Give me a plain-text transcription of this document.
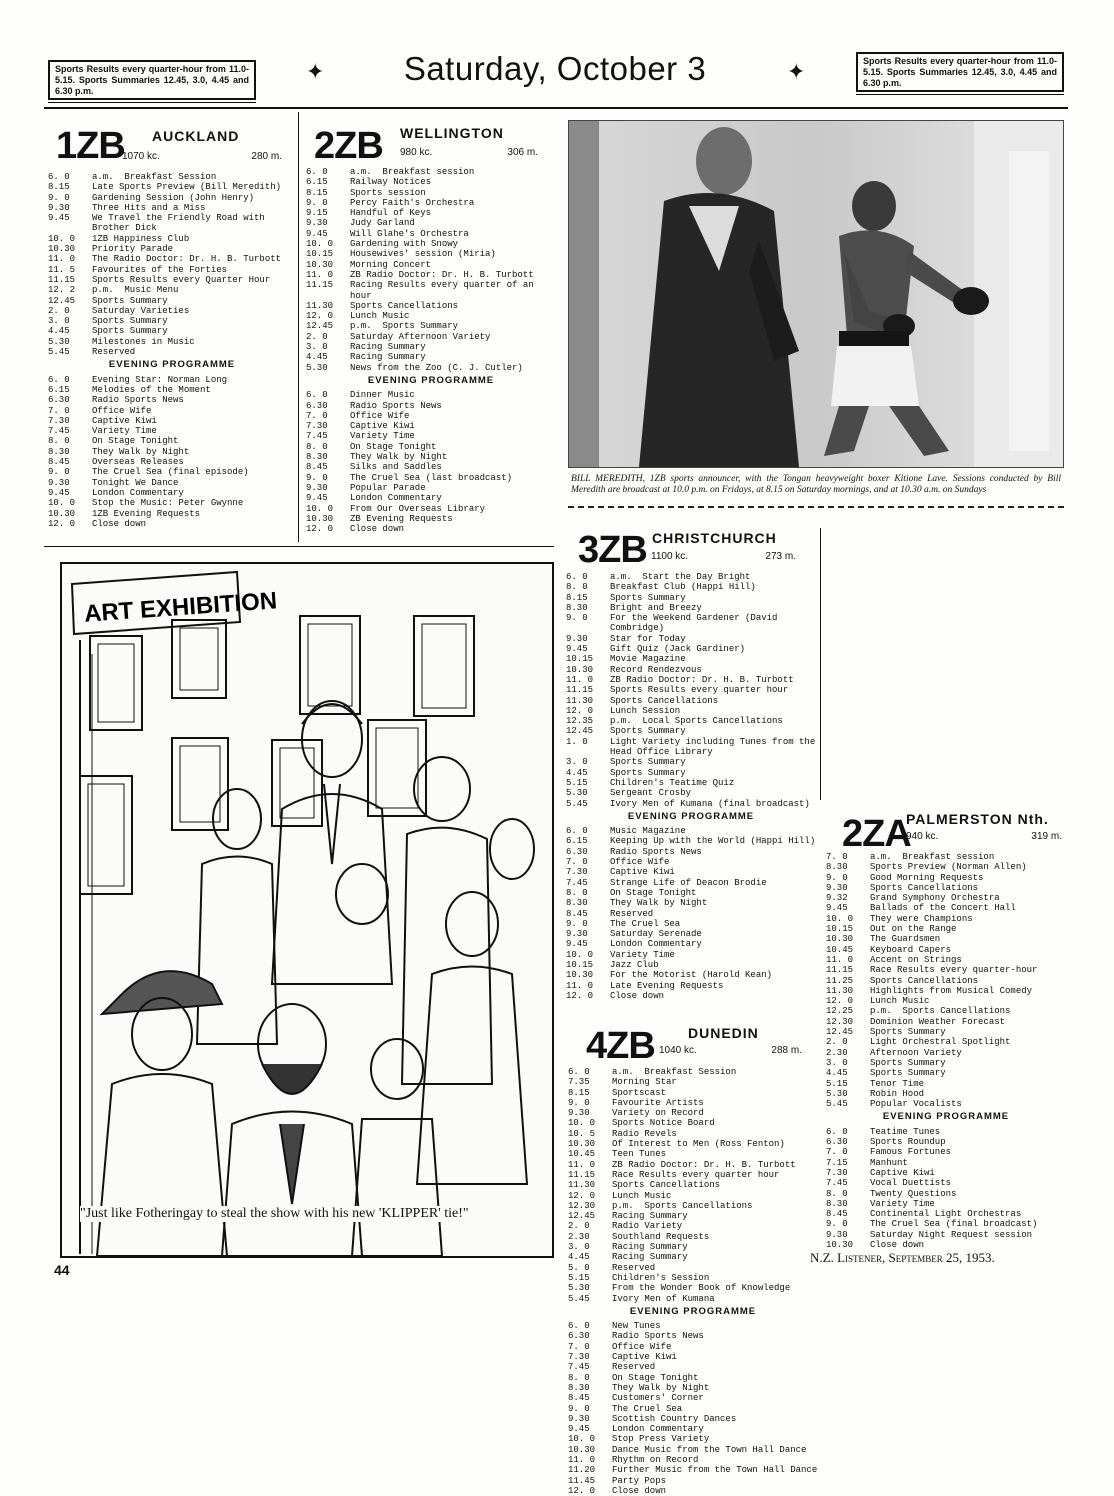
Sports Results every quarter-hour from 11.0-5.15. Sports Summaries 12.45, 3.0, 4.45 and 6.30 p.m.
✦	Saturday, October 3	✦	Sports Results every quarter-hour from 11.0-5.15. Sports Summaries 12.45, 3.0, 4.45 and 6.30 p.m.
1ZB AUCKLAND
1070 kc.	280 m.
6. 0	a.m.  Breakfast Session
8.15	Late Sports Preview (Bill Meredith)
9. 0	Gardening Session (John Henry)
9.30	Three Hits and a Miss
9.45	We Travel the Friendly Road with Brother Dick
10. 0	1ZB Happiness Club
10.30	Priority Parade
11. 0	The Radio Doctor: Dr. H. B. Turbott
11. 5	Favourites of the Forties
11.15	Sports Results every Quarter Hour
12. 2	p.m.  Music Menu
12.45	Sports Summary
2. 0	Saturday Varieties
3. 0	Sports Summary
4.45	Sports Summary
5.30	Milestones in Music
5.45	Reserved
EVENING PROGRAMME
6. 0	Evening Star: Norman Long
6.15	Melodies of the Moment
6.30	Radio Sports News
7. 0	Office Wife
7.30	Captive Kiwi
7.45	Variety Time
8. 0	On Stage Tonight
8.30	They Walk by Night
8.45	Overseas Releases
9. 0	The Cruel Sea (final episode)
9.30	Tonight We Dance
9.45	London Commentary
10. 0	Stop the Music: Peter Gwynne
10.30	1ZB Evening Requests
12. 0	Close down
2ZB WELLINGTON
980 kc.	306 m.
6. 0	a.m.  Breakfast session
6.15	Railway Notices
8.15	Sports session
9. 0	Percy Faith's Orchestra
9.15	Handful of Keys
9.30	Judy Garland
9.45	Will Glahe's Orchestra
10. 0	Gardening with Snowy
10.15	Housewives' session (Miria)
10.30	Morning Concert
11. 0	ZB Radio Doctor: Dr. H. B. Turbott
11.15	Racing Results every quarter of an hour
11.30	Sports Cancellations
12. 0	Lunch Music
12.45	p.m.  Sports Summary
2. 0	Saturday Afternoon Variety
3. 0	Racing Summary
4.45	Racing Summary
5.30	News from the Zoo (C. J. Cutler)
EVENING PROGRAMME
6. 0	Dinner Music
6.30	Radio Sports News
7. 0	Office Wife
7.30	Captive Kiwi
7.45	Variety Time
8. 0	On Stage Tonight
8.30	They Walk by Night
8.45	Silks and Saddles
9. 0	The Cruel Sea (last broadcast)
9.30	Popular Parade
9.45	London Commentary
10. 0	From Our Overseas Library
10.30	ZB Evening Requests
12. 0	Close down
BILL MEREDITH, 1ZB sports announcer, with the Tongan heavyweight boxer Kitione Lave. Sessions conducted by Bill Meredith are broadcast at 10.0 p.m. on Fridays, at 8.15 on Saturday mornings, and at 10.30 a.m. on Sundays
3ZB CHRISTCHURCH
1100 kc.	273 m.
6. 0	a.m.  Start the Day Bright
8. 0	Breakfast Club (Happi Hill)
8.15	Sports Summary
8.30	Bright and Breezy
9. 0	For the Weekend Gardener (David Combridge)
9.30	Star for Today
9.45	Gift Quiz (Jack Gardiner)
10.15	Movie Magazine
10.30	Record Rendezvous
11. 0	ZB Radio Doctor: Dr. H. B. Turbott
11.15	Sports Results every quarter hour
11.30	Sports Cancellations
12. 0	Lunch Session
12.35	p.m.  Local Sports Cancellations
12.45	Sports Summary
1. 0	Light Variety including Tunes from the Head Office Library
3. 0	Sports Summary
4.45	Sports Summary
5.15	Children's Teatime Quiz
5.30	Sergeant Crosby
5.45	Ivory Men of Kumana (final broadcast)
EVENING PROGRAMME
6. 0	Music Magazine
6.15	Keeping Up with the World (Happi Hill)
6.30	Radio Sports News
7. 0	Office Wife
7.30	Captive Kiwi
7.45	Strange Life of Deacon Brodie
8. 0	On Stage Tonight
8.30	They Walk by Night
8.45	Reserved
9. 0	The Cruel Sea
9.30	Saturday Serenade
9.45	London Commentary
10. 0	Variety Time
10.15	Jazz Club
10.30	For the Motorist (Harold Kean)
11. 0	Late Evening Requests
12. 0	Close down
4ZB DUNEDIN
1040 kc.	288 m.
6. 0	a.m.  Breakfast Session
7.35	Morning Star
8.15	Sportscast
9. 0	Favourite Artists
9.30	Variety on Record
10. 0	Sports Notice Board
10. 5	Radio Revels
10.30	Of Interest to Men (Ross Fenton)
10.45	Teen Tunes
11. 0	ZB Radio Doctor: Dr. H. B. Turbott
11.15	Race Results every quarter hour
11.30	Sports Cancellations
12. 0	Lunch Music
12.30	p.m.  Sports Cancellations
12.45	Racing Summary
2. 0	Radio Variety
2.30	Southland Requests
3. 0	Racing Summary
4.45	Racing Summary
5. 0	Reserved
5.15	Children's Session
5.30	From the Wonder Book of Knowledge
5.45	Ivory Men of Kumana
EVENING PROGRAMME
6. 0	New Tunes
6.30	Radio Sports News
7. 0	Office Wife
7.30	Captive Kiwi
7.45	Reserved
8. 0	On Stage Tonight
8.30	They Walk by Night
8.45	Customers' Corner
9. 0	The Cruel Sea
9.30	Scottish Country Dances
9.45	London Commentary
10. 0	Stop Press Variety
10.30	Dance Music from the Town Hall Dance
11. 0	Rhythm on Record
11.20	Further Music from the Town Hall Dance
11.45	Party Pops
12. 0	Close down
2ZA
PALMERSTON Nth.
940 kc.	319 m.
7. 0	a.m.  Breakfast session
8.30	Sports Preview (Norman Allen)
9. 0	Good Morning Requests
9.30	Sports Cancellations
9.32	Grand Symphony Orchestra
9.45	Ballads of the Concert Hall
10. 0	They were Champions
10.15	Out on the Range
10.30	The Guardsmen
10.45	Keyboard Capers
11. 0	Accent on Strings
11.15	Race Results every quarter-hour
11.25	Sports Cancellations
11.30	Highlights from Musical Comedy
12. 0	Lunch Music
12.25	p.m.  Sports Cancellations
12.30	Dominion Weather Forecast
12.45	Sports Summary
2. 0	Light Orchestral Spotlight
2.30	Afternoon Variety
3. 0	Sports Summary
4.45	Sports Summary
5.15	Tenor Time
5.30	Robin Hood
5.45	Popular Vocalists
EVENING PROGRAMME
6. 0	Teatime Tunes
6.30	Sports Roundup
7. 0	Famous Fortunes
7.15	Manhunt
7.30	Captive Kiwi
7.45	Vocal Duettists
8. 0	Twenty Questions
8.30	Variety Time
8.45	Continental Light Orchestras
9. 0	The Cruel Sea (final broadcast)
9.30	Saturday Night Request session
10.30	Close down
ART EXHIBITION
"Just like Fotheringay to steal the show with his new 'KLIPPER' tie!"
44
N.Z. Listener, September 25, 1953.
